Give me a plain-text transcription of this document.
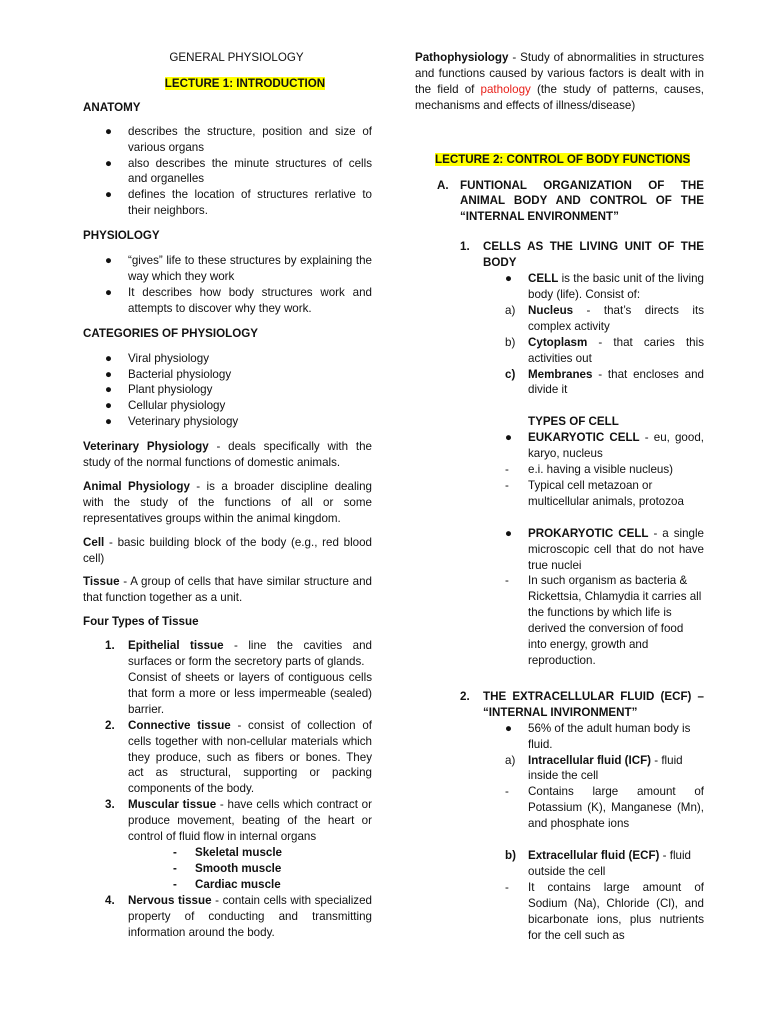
GENERAL PHYSIOLOGY

LECTURE 1: INTRODUCTION

ANATOMY

● describes the structure, position and size of various organs
● also describes the minute structures of cells and organelles
● defines the location of structures rerlative to their neighbors.

PHYSIOLOGY

● “gives” life to these structures by explaining the way which they work
● It describes how body structures work and attempts to discover why they work.

CATEGORIES OF PHYSIOLOGY

● Viral physiology
● Bacterial physiology
● Plant physiology
● Cellular physiology
● Veterinary physiology

Veterinary Physiology - deals specifically with the study of the normal functions of domestic animals.

Animal Physiology - is a broader discipline dealing with the study of the functions of all or some representatives groups within the animal kingdom.

Cell - basic building block of the body (e.g., red blood cell)

Tissue - A group of cells that have similar structure and that function together as a unit.

Four Types of Tissue

1. Epithelial tissue - line the cavities and surfaces or form the secretory parts of glands.
Consist of sheets or layers of contiguous cells that form a more or less impermeable (sealed) barrier.
2. Connective tissue - consist of collection of cells together with non-cellular materials which they produce, such as fibers or bones. They act as structural, supporting or packing components of the body.
3. Muscular tissue - have cells which contract or produce movement, beating of the heart or control of fluid flow in internal organs
- Skeletal muscle
- Smooth muscle
- Cardiac muscle
4. Nervous tissue - contain cells with specialized property of conducting and transmitting information around the body.

Pathophysiology - Study of abnormalities in structures and functions caused by various factors is dealt with in the field of pathology (the study of patterns, causes, mechanisms and effects of illness/disease)

LECTURE 2: CONTROL OF BODY FUNCTIONS

A. FUNTIONAL ORGANIZATION OF THE ANIMAL BODY AND CONTROL OF THE “INTERNAL ENVIRONMENT”
1. CELLS AS THE LIVING UNIT OF THE BODY
● CELL is the basic unit of the living body (life). Consist of:
a) Nucleus - that’s directs its complex activity
b) Cytoplasm - that caries this activities out
c) Membranes - that encloses and divide it

TYPES OF CELL

● EUKARYOTIC CELL - eu, good, karyo, nucleus
- e.i. having a visible nucleus)
- Typical cell metazoan or multicellular animals, protozoa
● PROKARYOTIC CELL - a single microscopic cell that do not have true nuclei
- In such organism as bacteria & Rickettsia, Chlamydia it carries all the functions by which life is derived the conversion of food into energy, growth and reproduction.
2. THE EXTRACELLULAR FLUID (ECF) – “INTERNAL INVIRONMENT”
● 56% of the adult human body is fluid.
a) Intracellular fluid (ICF) - fluid inside the cell
- Contains large amount of Potassium (K), Manganese (Mn), and phosphate ions
b) Extracellular fluid (ECF) - fluid outside the cell
- It contains large amount of Sodium (Na), Chloride (Cl), and bicarbonate ions, plus nutrients for the cell such as
